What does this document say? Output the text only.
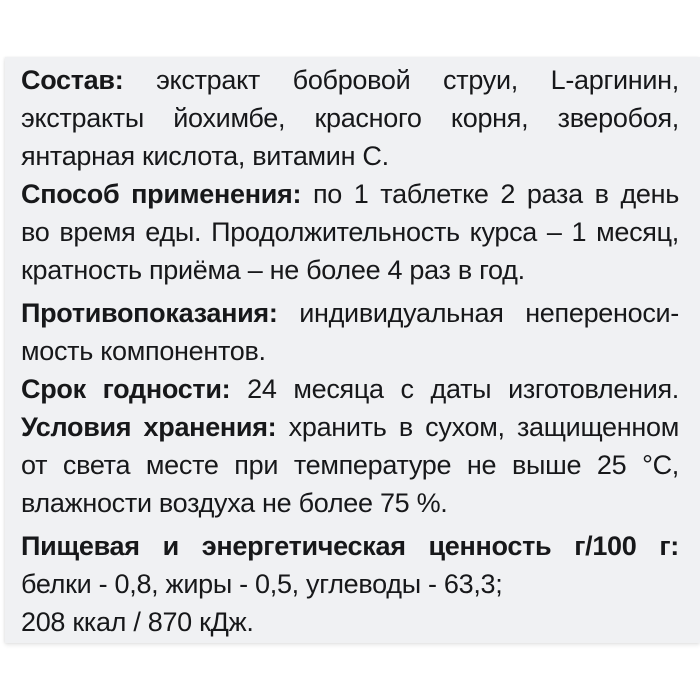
Состав: экстракт бобровой струи, L-аргинин,
экстракты йохимбе, красного корня, зверобоя,
янтарная кислота, витамин С.
Способ применения: по 1 таблетке 2 раза в день
во время еды. Продолжительность курса – 1 месяц,
кратность приёма – не более 4 раз в год.
Противопоказания: индивидуальная непереноси-
мость компонентов.
Срок годности: 24 месяца с даты изготовления.
Условия хранения: хранить в сухом, защищенном
от света месте при температуре не выше 25 °С,
влажности воздуха не более 75 %.
Пищевая и энергетическая ценность г/100 г:
белки - 0,8, жиры - 0,5, углеводы - 63,3;
208 ккал / 870 кДж.
